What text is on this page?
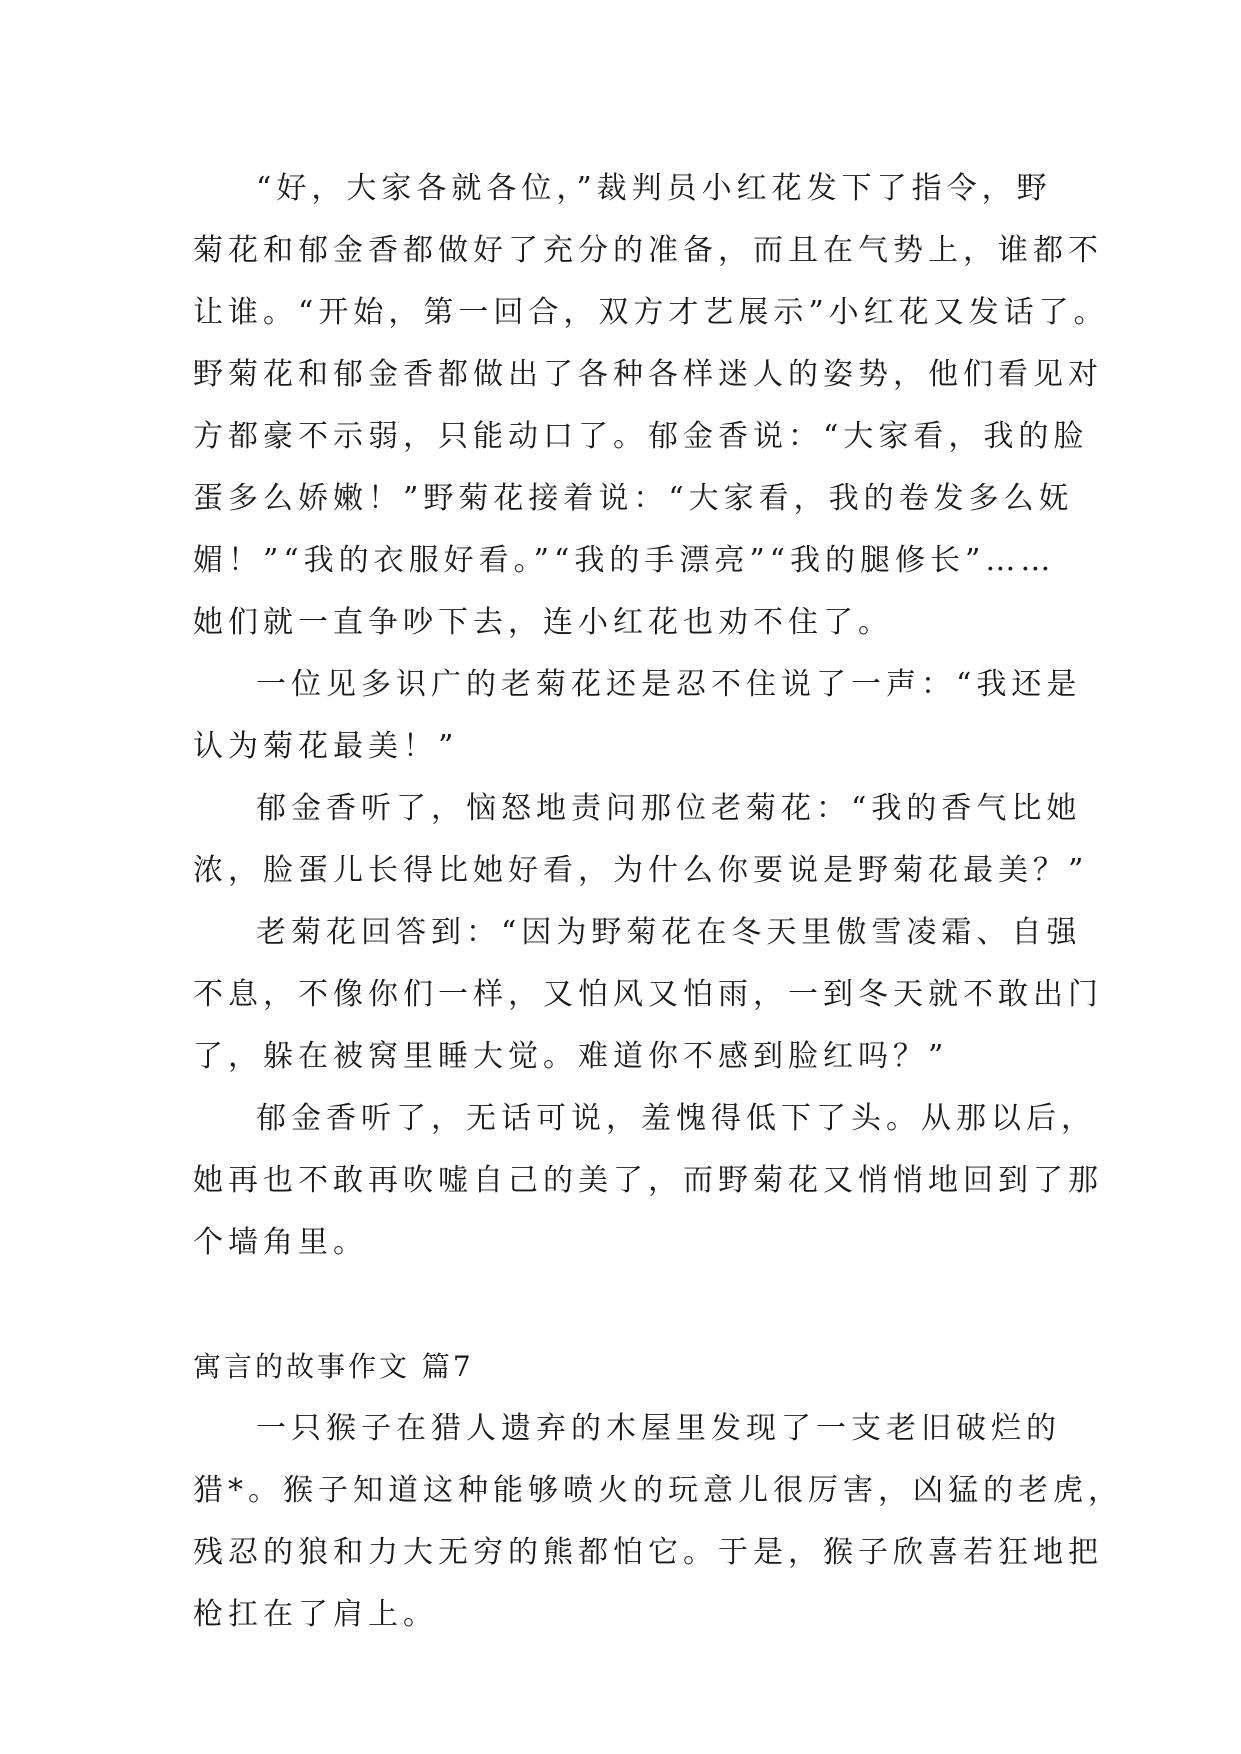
“好，大家各就各位，”裁判员小红花发下了指令，野
菊花和郁金香都做好了充分的准备，而且在气势上，谁都不
让谁。“开始，第一回合，双方才艺展示”小红花又发话了。
野菊花和郁金香都做出了各种各样迷人的姿势，他们看见对
方都豪不示弱，只能动口了。郁金香说：“大家看，我的脸
蛋多么娇嫩！”野菊花接着说：“大家看，我的卷发多么妩
媚！”“我的衣服好看。”“我的手漂亮”“我的腿修长”……
她们就一直争吵下去，连小红花也劝不住了。
一位见多识广的老菊花还是忍不住说了一声：“我还是
认为菊花最美！”
郁金香听了，恼怒地责问那位老菊花：“我的香气比她
浓，脸蛋儿长得比她好看，为什么你要说是野菊花最美？”
老菊花回答到：“因为野菊花在冬天里傲雪凌霜、自强
不息，不像你们一样，又怕风又怕雨，一到冬天就不敢出门
了，躲在被窝里睡大觉。难道你不感到脸红吗？”
郁金香听了，无话可说，羞愧得低下了头。从那以后，
她再也不敢再吹嘘自己的美了，而野菊花又悄悄地回到了那
个墙角里。
寓言的故事作文 篇7
一只猴子在猎人遗弃的木屋里发现了一支老旧破烂的
猎*。猴子知道这种能够喷火的玩意儿很厉害，凶猛的老虎，
残忍的狼和力大无穷的熊都怕它。于是，猴子欣喜若狂地把
枪扛在了肩上。
